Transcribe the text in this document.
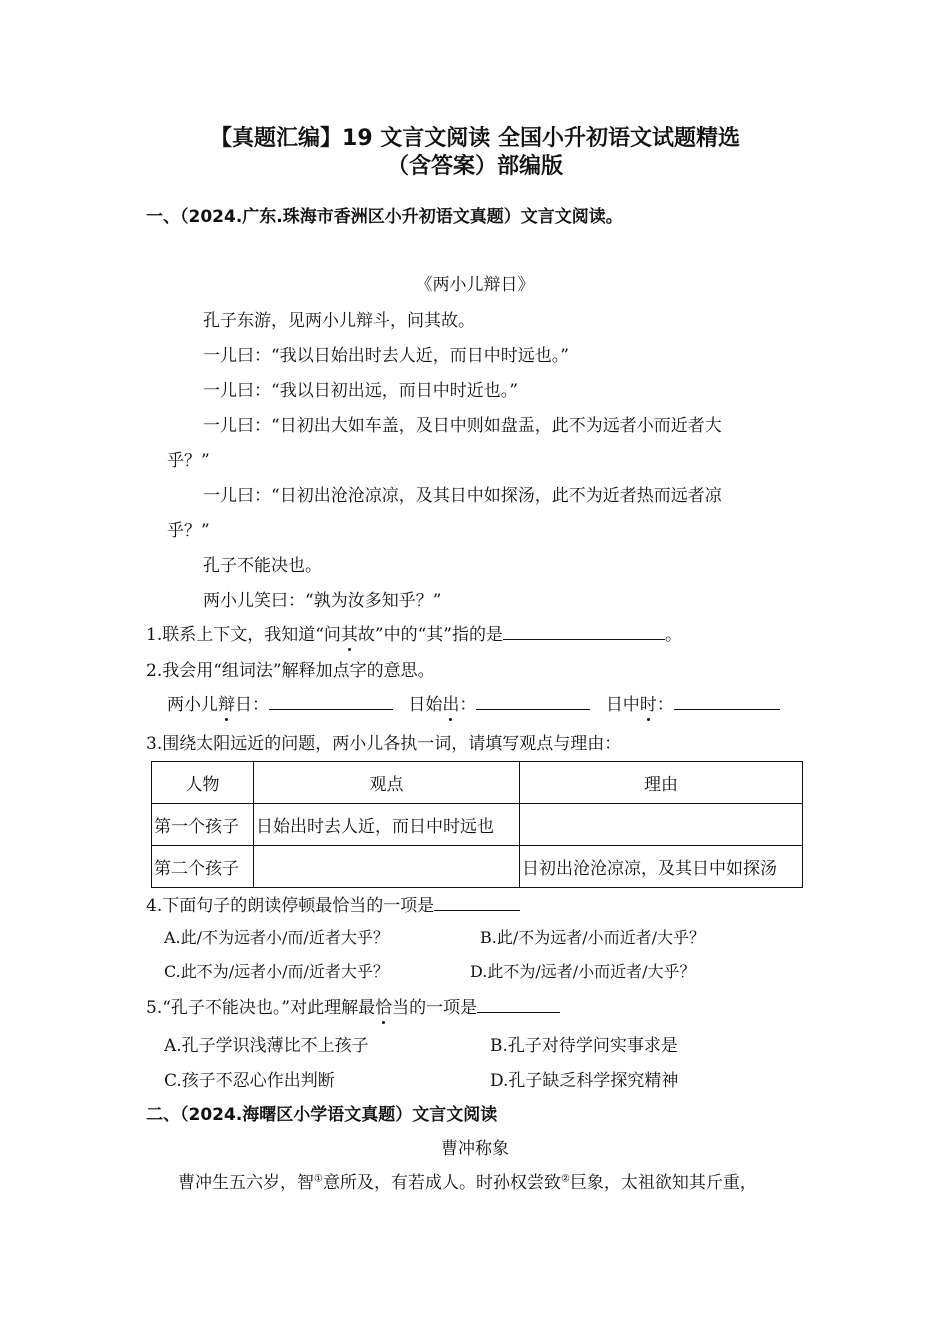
【真题汇编】19 文言文阅读 全国小升初语文试题精选
（含答案）部编版
一、（2024.广东.珠海市香洲区小升初语文真题）文言文阅读。
《两小儿辩日》
孔子东游，见两小儿辩斗，问其故。
一儿曰：“我以日始出时去人近，而日中时远也。”
一儿曰：“我以日初出远，而日中时近也。”
一儿曰：“日初出大如车盖，及日中则如盘盂，此不为远者小而近者大
乎？”
一儿曰：“日初出沧沧凉凉，及其日中如探汤，此不为近者热而远者凉
乎？”
孔子不能决也。
两小儿笑曰：“孰为汝多知乎？”
1.联系上下文，我知道“问其故”中的“其”指的是	。
2.我会用“组词法”解释加点字的意思。
两小儿辩日：	日始出：	日中时：
3.围绕太阳远近的问题，两小儿各执一词，请填写观点与理由：
人物	观点	理由
第一个孩子	日始出时去人近，而日中时远也	
第二个孩子		日初出沧沧凉凉，及其日中如探汤
4.下面句子的朗读停顿最恰当的一项是
A.此/不为远者小/而/近者大乎？	B.此/不为远者/小而近者/大乎？
C.此不为/远者小/而/近者大乎？	D.此不为/远者/小而近者/大乎？
5.“孔子不能决也。”对此理解最恰当的一项是
A.孔子学识浅薄比不上孩子	B.孔子对待学问实事求是
C.孩子不忍心作出判断	D.孔子缺乏科学探究精神
二、（2024.海曙区小学语文真题）文言文阅读
曹冲称象
曹冲生五六岁，智①意所及，有若成人。时孙权尝致②巨象，太祖欲知其斤重，
